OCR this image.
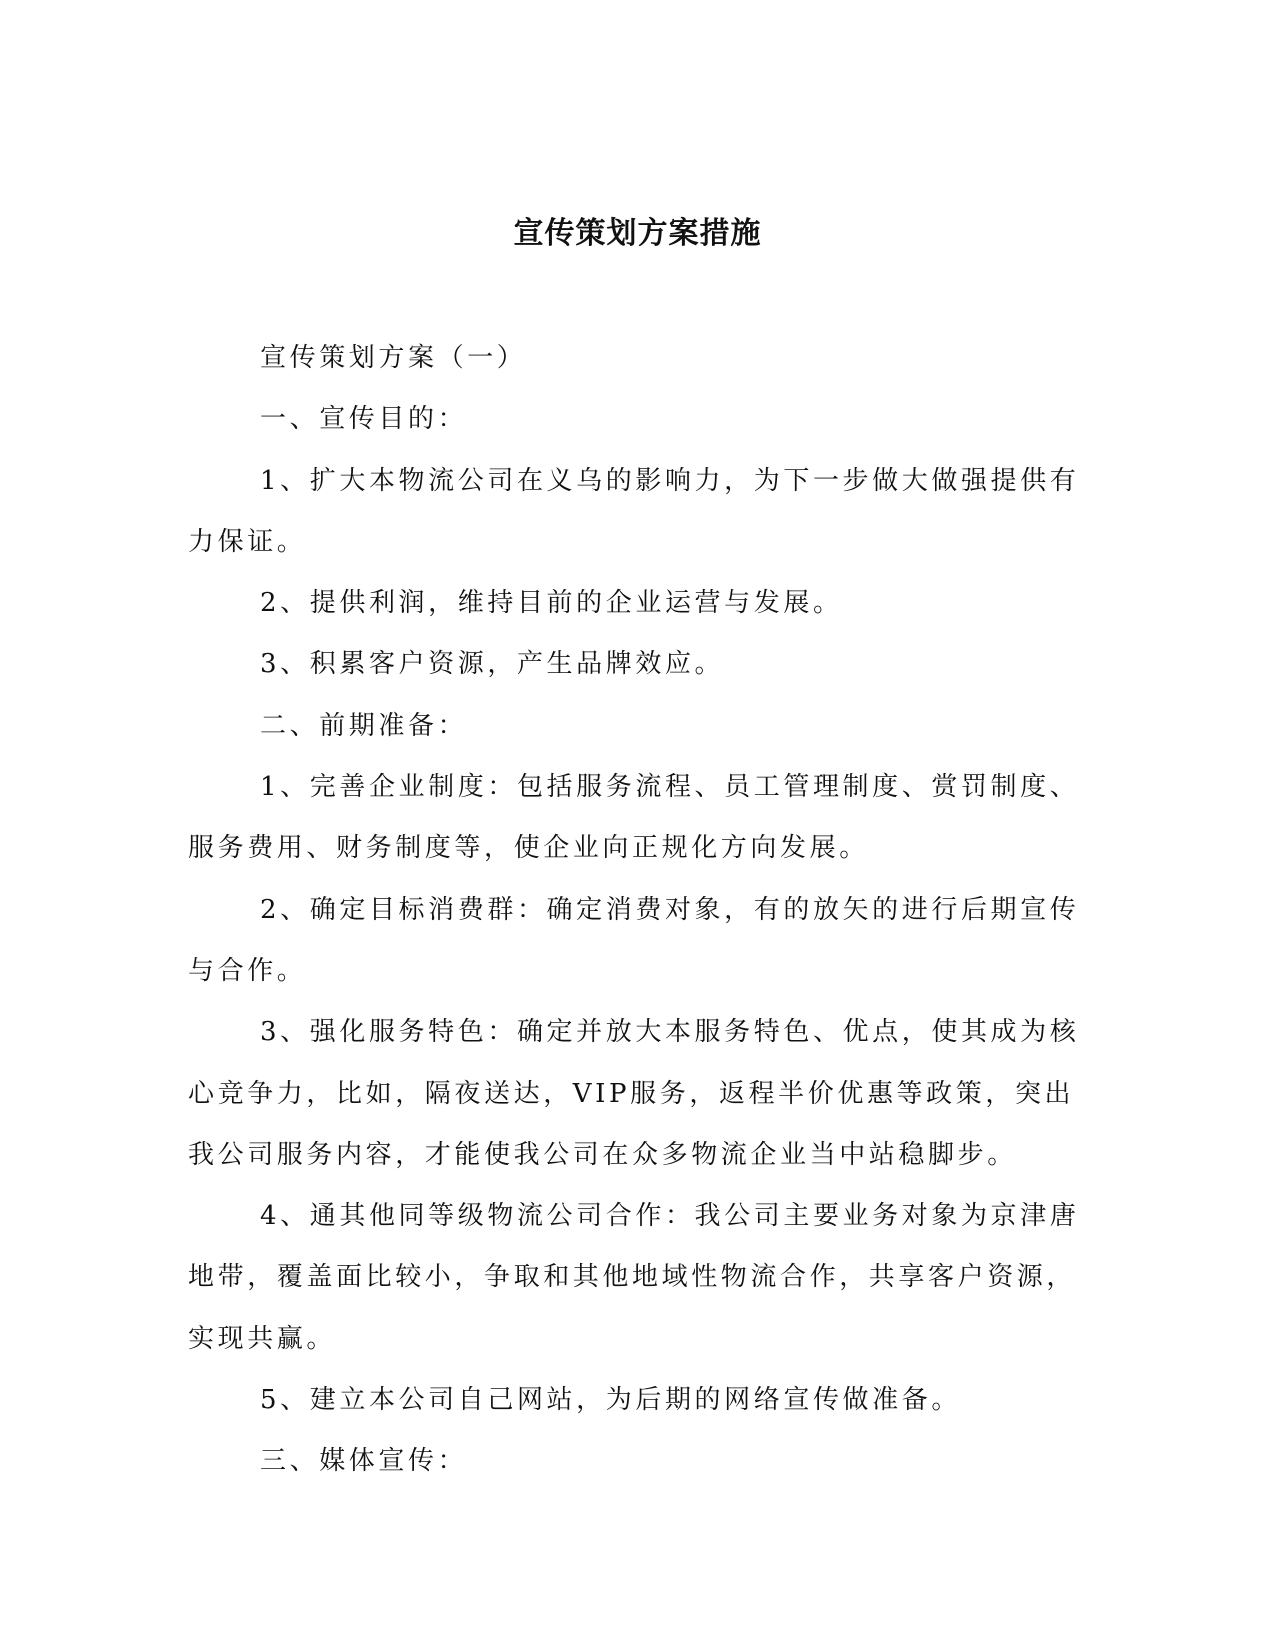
宣传策划方案措施

宣传策划方案（一）

一、宣传目的：

1、扩大本物流公司在义乌的影响力，为下一步做大做强提供有力保证。

2、提供利润，维持目前的企业运营与发展。

3、积累客户资源，产生品牌效应。

二、前期准备：

1、完善企业制度：包括服务流程、员工管理制度、赏罚制度、服务费用、财务制度等，使企业向正规化方向发展。

2、确定目标消费群：确定消费对象，有的放矢的进行后期宣传与合作。

3、强化服务特色：确定并放大本服务特色、优点，使其成为核心竞争力，比如，隔夜送达，VIP服务，返程半价优惠等政策，突出我公司服务内容，才能使我公司在众多物流企业当中站稳脚步。

4、通其他同等级物流公司合作：我公司主要业务对象为京津唐地带，覆盖面比较小，争取和其他地域性物流合作，共享客户资源，实现共赢。

5、建立本公司自己网站，为后期的网络宣传做准备。

三、媒体宣传：
